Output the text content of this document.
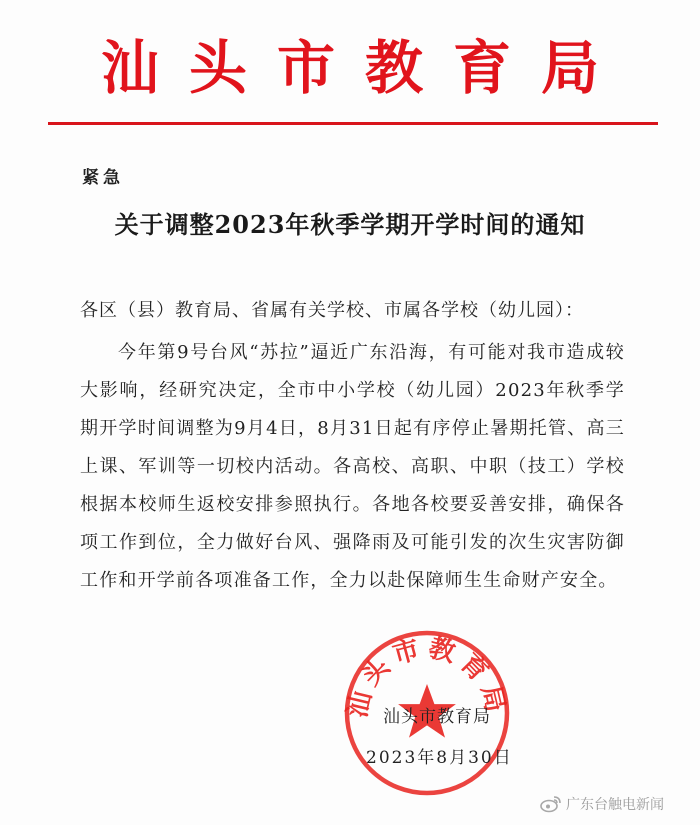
汕头市教育局
紧急
关于调整2023年秋季学期开学时间的通知
各区（县）教育局、省属有关学校、市属各学校（幼儿园）：

今年第9号台风“苏拉”逼近广东沿海，有可能对我市造成较大影响，经研究决定，全市中小学校（幼儿园）2023年秋季学期开学时间调整为9月4日，8月31日起有序停止暑期托管、高三上课、军训等一切校内活动。各高校、高职、中职（技工）学校根据本校师生返校安排参照执行。各地各校要妥善安排，确保各项工作到位，全力做好台风、强降雨及可能引发的次生灾害防御工作和开学前各项准备工作，全力以赴保障师生生命财产安全。

汕头市教育局
汕头市教育局
2023年8月30日
广东台触电新闻
